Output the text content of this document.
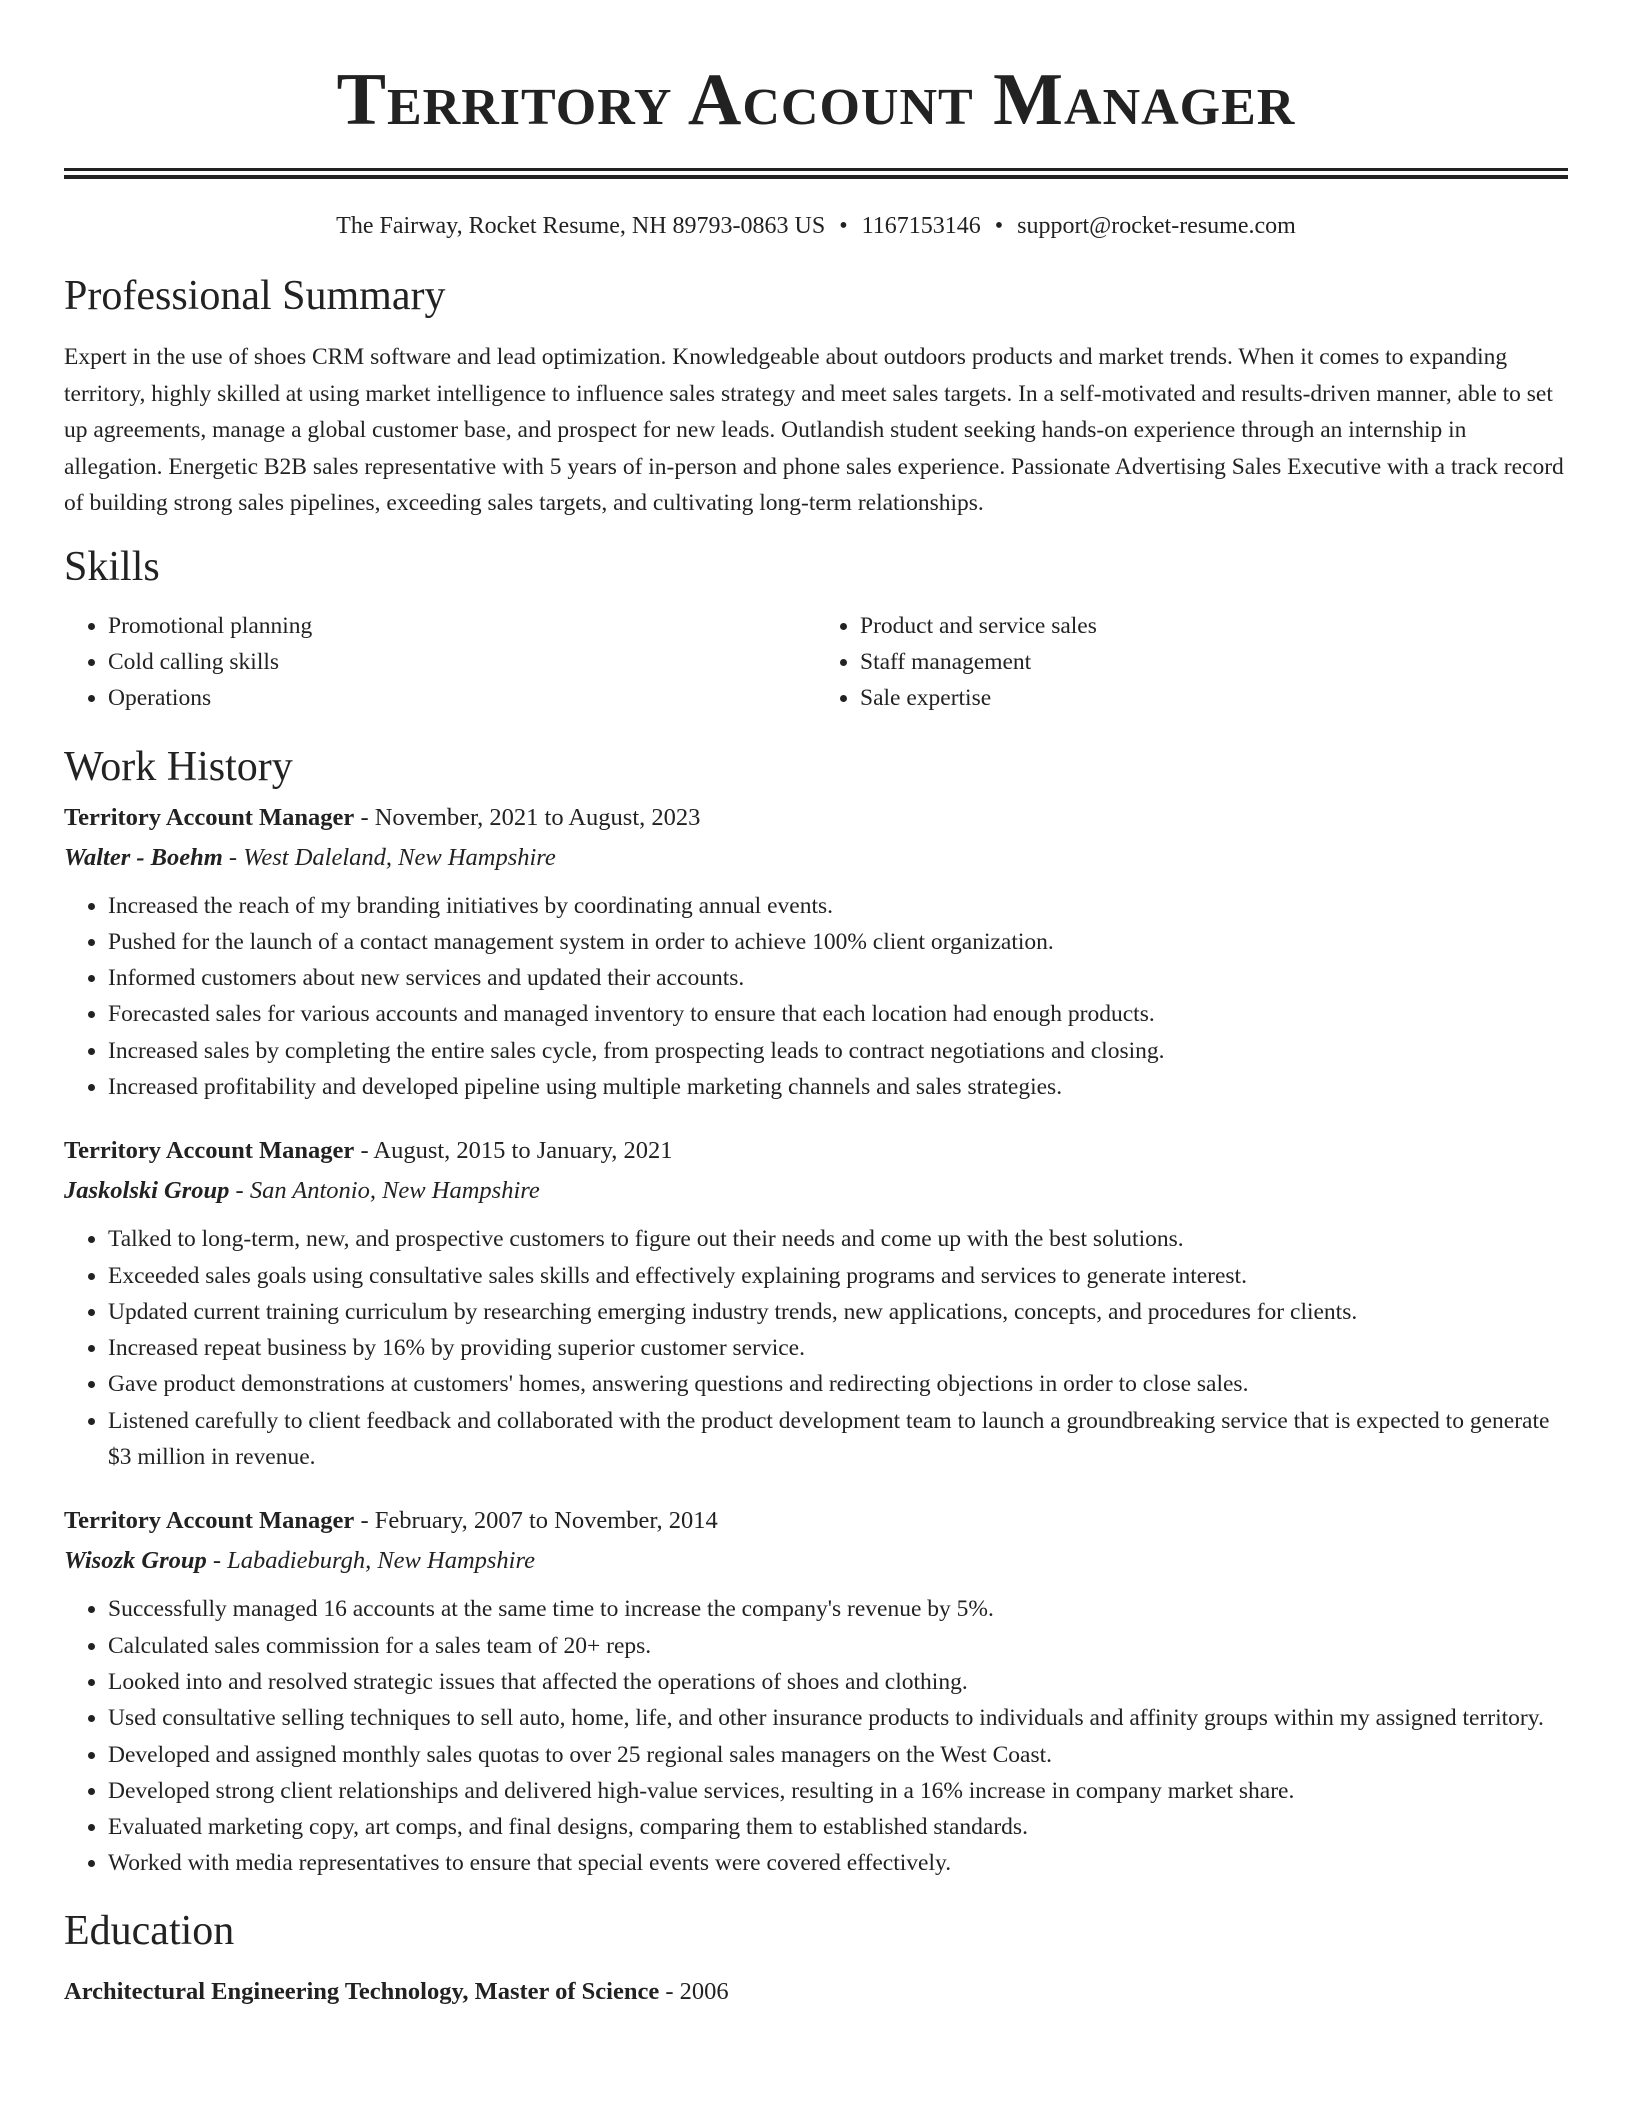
Territory Account Manager
The Fairway, Rocket Resume, NH 89793-0863 US • 1167153146 • support@rocket-resume.com
Professional Summary

Expert in the use of shoes CRM software and lead optimization. Knowledgeable about outdoors products and market trends. When it comes to expanding territory, highly skilled at using market intelligence to influence sales strategy and meet sales targets. In a self-motivated and results-driven manner, able to set up agreements, manage a global customer base, and prospect for new leads. Outlandish student seeking hands-on experience through an internship in allegation. Energetic B2B sales representative with 5 years of in-person and phone sales experience. Passionate Advertising Sales Executive with a track record of building strong sales pipelines, exceeding sales targets, and cultivating long-term relationships.

Skills
• Promotional planning
• Cold calling skills
• Operations
• Product and service sales
• Staff management
• Sale expertise
Work History
Territory Account Manager - November, 2021 to August, 2023
Walter - Boehm - West Daleland, New Hampshire
• Increased the reach of my branding initiatives by coordinating annual events.
• Pushed for the launch of a contact management system in order to achieve 100% client organization.
• Informed customers about new services and updated their accounts.
• Forecasted sales for various accounts and managed inventory to ensure that each location had enough products.
• Increased sales by completing the entire sales cycle, from prospecting leads to contract negotiations and closing.
• Increased profitability and developed pipeline using multiple marketing channels and sales strategies.
Territory Account Manager - August, 2015 to January, 2021
Jaskolski Group - San Antonio, New Hampshire
• Talked to long-term, new, and prospective customers to figure out their needs and come up with the best solutions.
• Exceeded sales goals using consultative sales skills and effectively explaining programs and services to generate interest.
• Updated current training curriculum by researching emerging industry trends, new applications, concepts, and procedures for clients.
• Increased repeat business by 16% by providing superior customer service.
• Gave product demonstrations at customers' homes, answering questions and redirecting objections in order to close sales.
• Listened carefully to client feedback and collaborated with the product development team to launch a groundbreaking service that is expected to generate $3 million in revenue.
Territory Account Manager - February, 2007 to November, 2014
Wisozk Group - Labadieburgh, New Hampshire
• Successfully managed 16 accounts at the same time to increase the company's revenue by 5%.
• Calculated sales commission for a sales team of 20+ reps.
• Looked into and resolved strategic issues that affected the operations of shoes and clothing.
• Used consultative selling techniques to sell auto, home, life, and other insurance products to individuals and affinity groups within my assigned territory.
• Developed and assigned monthly sales quotas to over 25 regional sales managers on the West Coast.
• Developed strong client relationships and delivered high-value services, resulting in a 16% increase in company market share.
• Evaluated marketing copy, art comps, and final designs, comparing them to established standards.
• Worked with media representatives to ensure that special events were covered effectively.
Education
Architectural Engineering Technology, Master of Science - 2006
